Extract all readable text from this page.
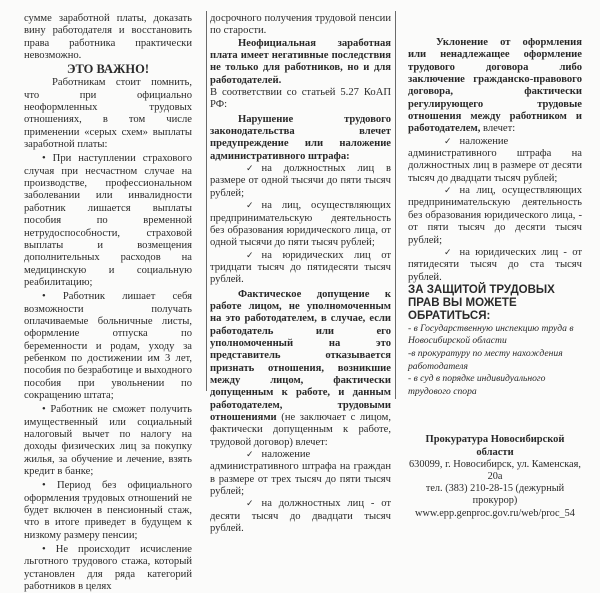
сумме заработной платы, доказать вину работодателя и восстановить права работника практически невозможно.

ЭТО ВАЖНО!

Работникам стоит помнить, что при официально неоформленных трудовых отношениях, в том числе применении «серых схем» выплаты заработной платы:

• При наступлении страхового случая при несчастном случае на производстве, профессиональном заболевании или инвалидности работник лишается выплаты пособия по временной нетрудоспособности, страховой выплаты и возмещения дополнительных расходов на медицинскую и социальную реабилитацию;

• Работник лишает себя возможности получать оплачиваемые больничные листы, оформление отпуска по беременности и родам, уходу за ребенком по достижении им 3 лет, пособия по безработице и выходного пособия при увольнении по сокращению штата;

• Работник не сможет получить имущественный или социальный налоговый вычет по налогу на доходы физических лиц за покупку жилья, за обучение и лечение, взять кредит в банке;

• Период без официального оформления трудовых отношений не будет включен в пенсионный стаж, что в итоге приведет в будущем к низкому размеру пенсии;

• Не происходит исчисление льготного трудового стажа, который установлен для ряда категорий работников в целях

досрочного получения трудовой пенсии по старости.

Неофициальная заработная плата имеет негативные последствия не только для работников, но и для работодателей.

В соответствии со статьей 5.27 КоАП РФ:

Нарушение трудового законодательства влечет предупреждение или наложение административного штрафа:

✓ на должностных лиц в размере от одной тысячи до пяти тысяч рублей;

✓ на лиц, осуществляющих предпринимательскую деятельность без образования юридического лица, от одной тысячи до пяти тысяч рублей;

✓ на юридических лиц от тридцати тысяч до пятидесяти тысяч рублей.

Фактическое допущение к работе лицом, не уполномоченным на это работодателем, в случае, если работодатель или его уполномоченный на это представитель отказывается признать отношения, возникшие между лицом, фактически допущенным к работе, и данным работодателем, трудовыми отношениями (не заключает с лицом, фактически допущенным к работе, трудовой договор) влечет:

✓ наложение административного штрафа на граждан в размере от трех тысяч до пяти тысяч рублей;

✓ на должностных лиц - от десяти тысяч до двадцати тысяч рублей.

Уклонение от оформления или ненадлежащее оформление трудового договора либо заключение гражданско-правового договора, фактически регулирующего трудовые отношения между работником и работодателем, влечет:

✓ наложение административного штрафа на должностных лиц в размере от десяти тысяч до двадцати тысяч рублей;

✓ на лиц, осуществляющих предпринимательскую деятельность без образования юридического лица, - от пяти тысяч до десяти тысяч рублей;

✓ на юридических лиц - от пятидесяти тысяч до ста тысяч рублей.

ЗА ЗАЩИТОЙ ТРУДОВЫХ ПРАВ ВЫ МОЖЕТЕ ОБРАТИТЬСЯ:
- в Государственную инспекцию труда в Новосибирской области
-в прокуратуру по месту нахождения работодателя
- в суд в порядке индивидуального трудового спора
Прокуратура Новосибирской области
630099, г. Новосибирск, ул. Каменская, 20а
тел. (383) 210-28-15 (дежурный прокурор)
www.epp.genproc.gov.ru/web/proc_54
